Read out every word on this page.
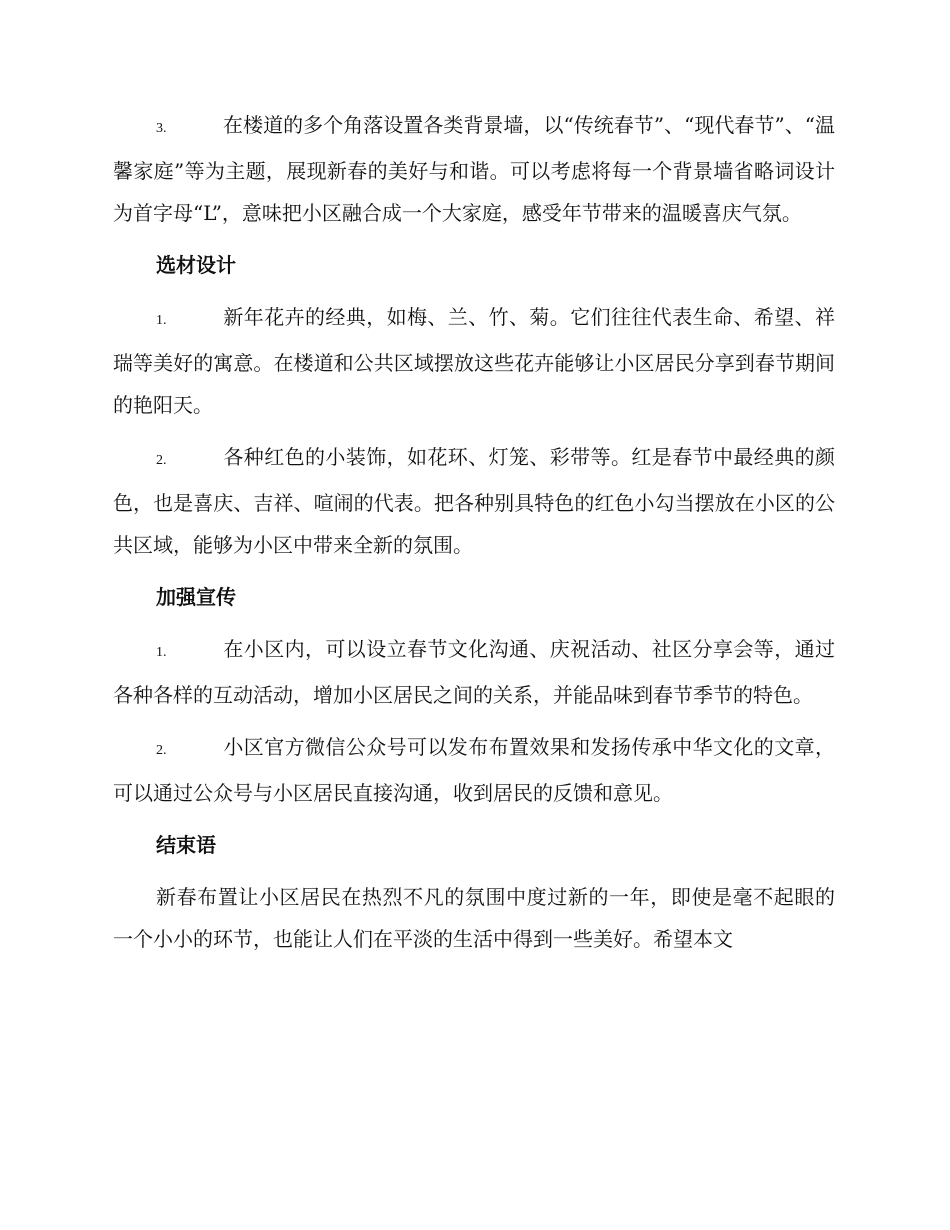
3.	在楼道的多个角落设置各类背景墙，以“传统春节”、“现代春节”、“温馨家庭”等为主题，展现新春的美好与和谐。可以考虑将每一个背景墙省略词设计为首字母“L”，意味把小区融合成一个大家庭，感受年节带来的温暖喜庆气氛。

选材设计

1.	新年花卉的经典，如梅、兰、竹、菊。它们往往代表生命、希望、祥瑞等美好的寓意。在楼道和公共区域摆放这些花卉能够让小区居民分享到春节期间的艳阳天。

2.	各种红色的小装饰，如花环、灯笼、彩带等。红是春节中最经典的颜色，也是喜庆、吉祥、喧闹的代表。把各种别具特色的红色小勾当摆放在小区的公共区域，能够为小区中带来全新的氛围。

加强宣传

1.	在小区内，可以设立春节文化沟通、庆祝活动、社区分享会等，通过各种各样的互动活动，增加小区居民之间的关系，并能品味到春节季节的特色。

2.	小区官方微信公众号可以发布布置效果和发扬传承中华文化的文章，可以通过公众号与小区居民直接沟通，收到居民的反馈和意见。

结束语

新春布置让小区居民在热烈不凡的氛围中度过新的一年，即使是毫不起眼的一个小小的环节，也能让人们在平淡的生活中得到一些美好。希望本文
